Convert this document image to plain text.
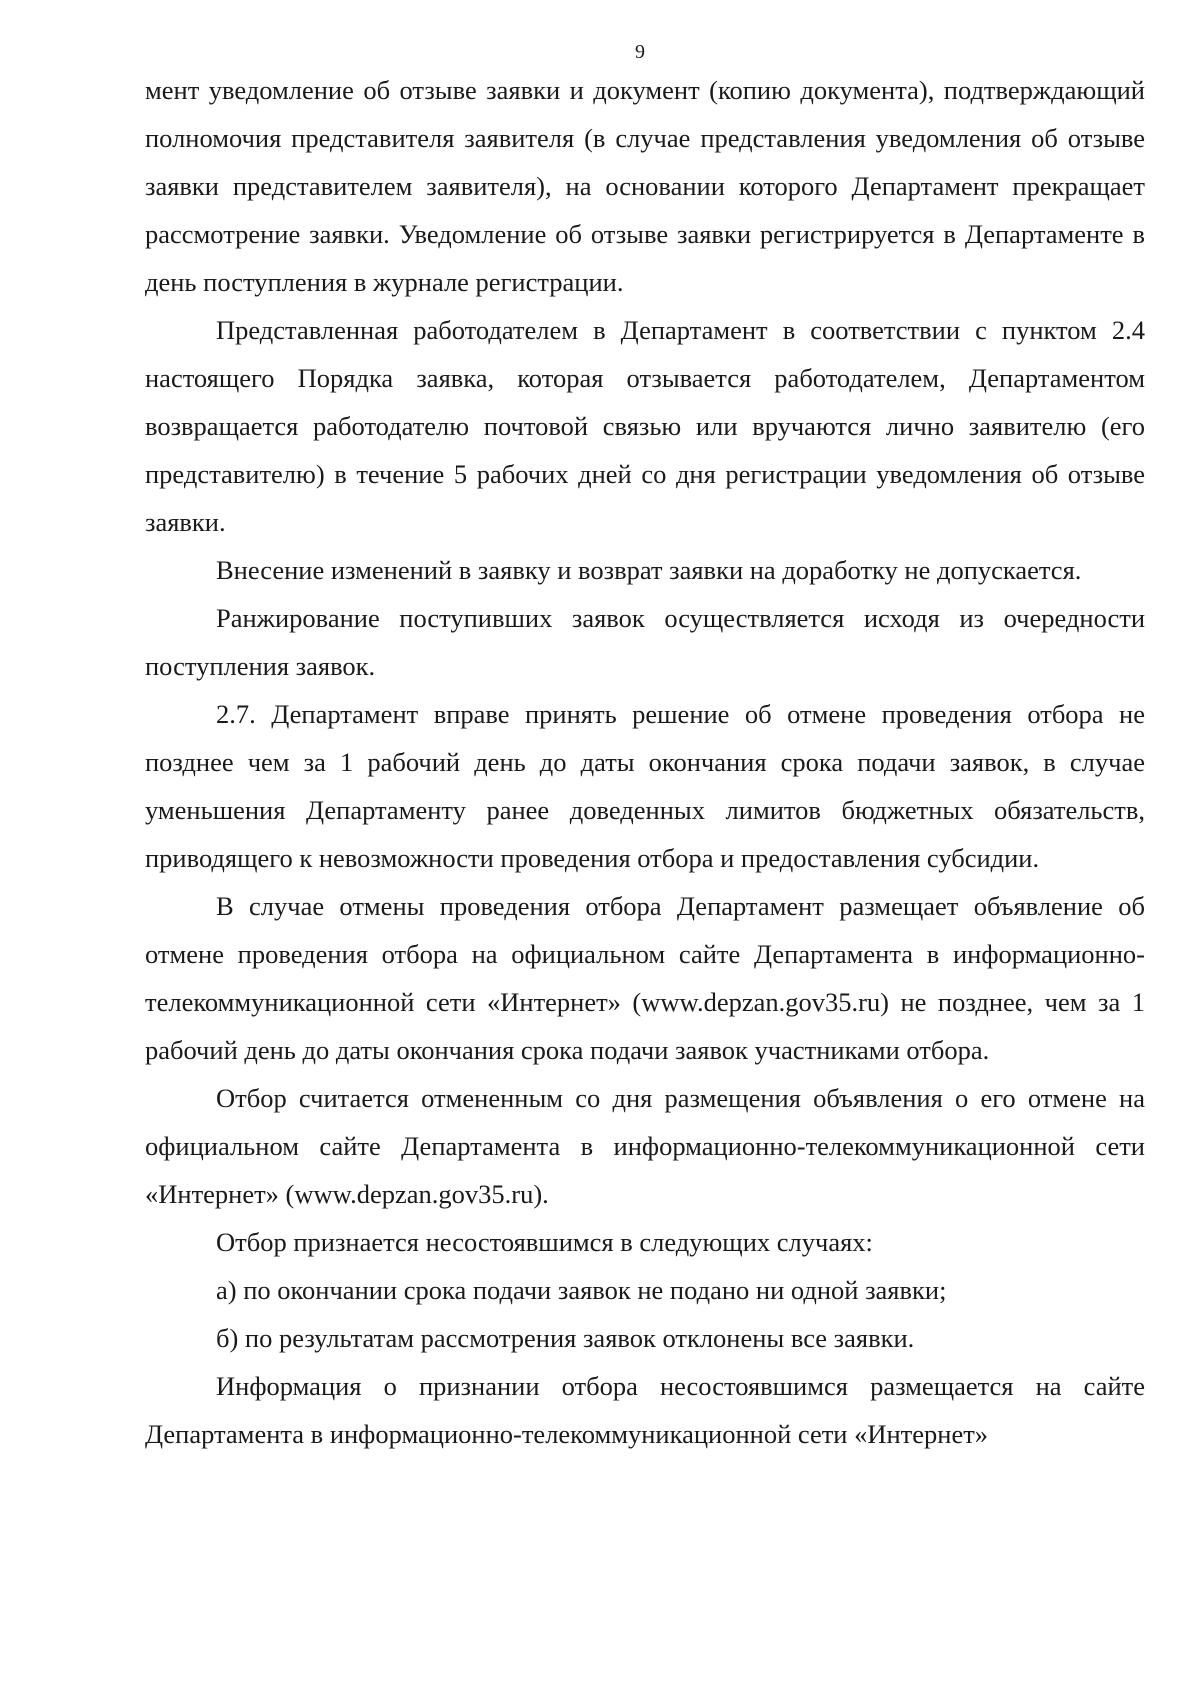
9

мент уведомление об отзыве заявки и документ (копию документа), подтверждающий полномочия представителя заявителя (в случае представления уведомления об отзыве заявки представителем заявителя), на основании которого Департамент прекращает рассмотрение заявки. Уведомление об отзыве заявки регистрируется в Департаменте в день поступления в журнале регистрации.

Представленная работодателем в Департамент в соответствии с пунктом 2.4 настоящего Порядка заявка, которая отзывается работодателем, Департаментом возвращается работодателю почтовой связью или вручаются лично заявителю (его представителю) в течение 5 рабочих дней со дня регистрации уведомления об отзыве заявки.

Внесение изменений в заявку и возврат заявки на доработку не допускается.

Ранжирование поступивших заявок осуществляется исходя из очередности поступления заявок.

2.7. Департамент вправе принять решение об отмене проведения отбора не позднее чем за 1 рабочий день до даты окончания срока подачи заявок, в случае уменьшения Департаменту ранее доведенных лимитов бюджетных обязательств, приводящего к невозможности проведения отбора и предоставления субсидии.

В случае отмены проведения отбора Департамент размещает объявление об отмене проведения отбора на официальном сайте Департамента в информационно-телекоммуникационной сети «Интернет» (www.depzan.gov35.ru) не позднее, чем за 1 рабочий день до даты окончания срока подачи заявок участниками отбора.

Отбор считается отмененным со дня размещения объявления о его отмене на официальном сайте Департамента в информационно-телекоммуникационной сети «Интернет» (www.depzan.gov35.ru).

Отбор признается несостоявшимся в следующих случаях:

а) по окончании срока подачи заявок не подано ни одной заявки;

б) по результатам рассмотрения заявок отклонены все заявки.

Информация о признании отбора несостоявшимся размещается на сайте Департамента в информационно-телекоммуникационной сети «Интернет»
